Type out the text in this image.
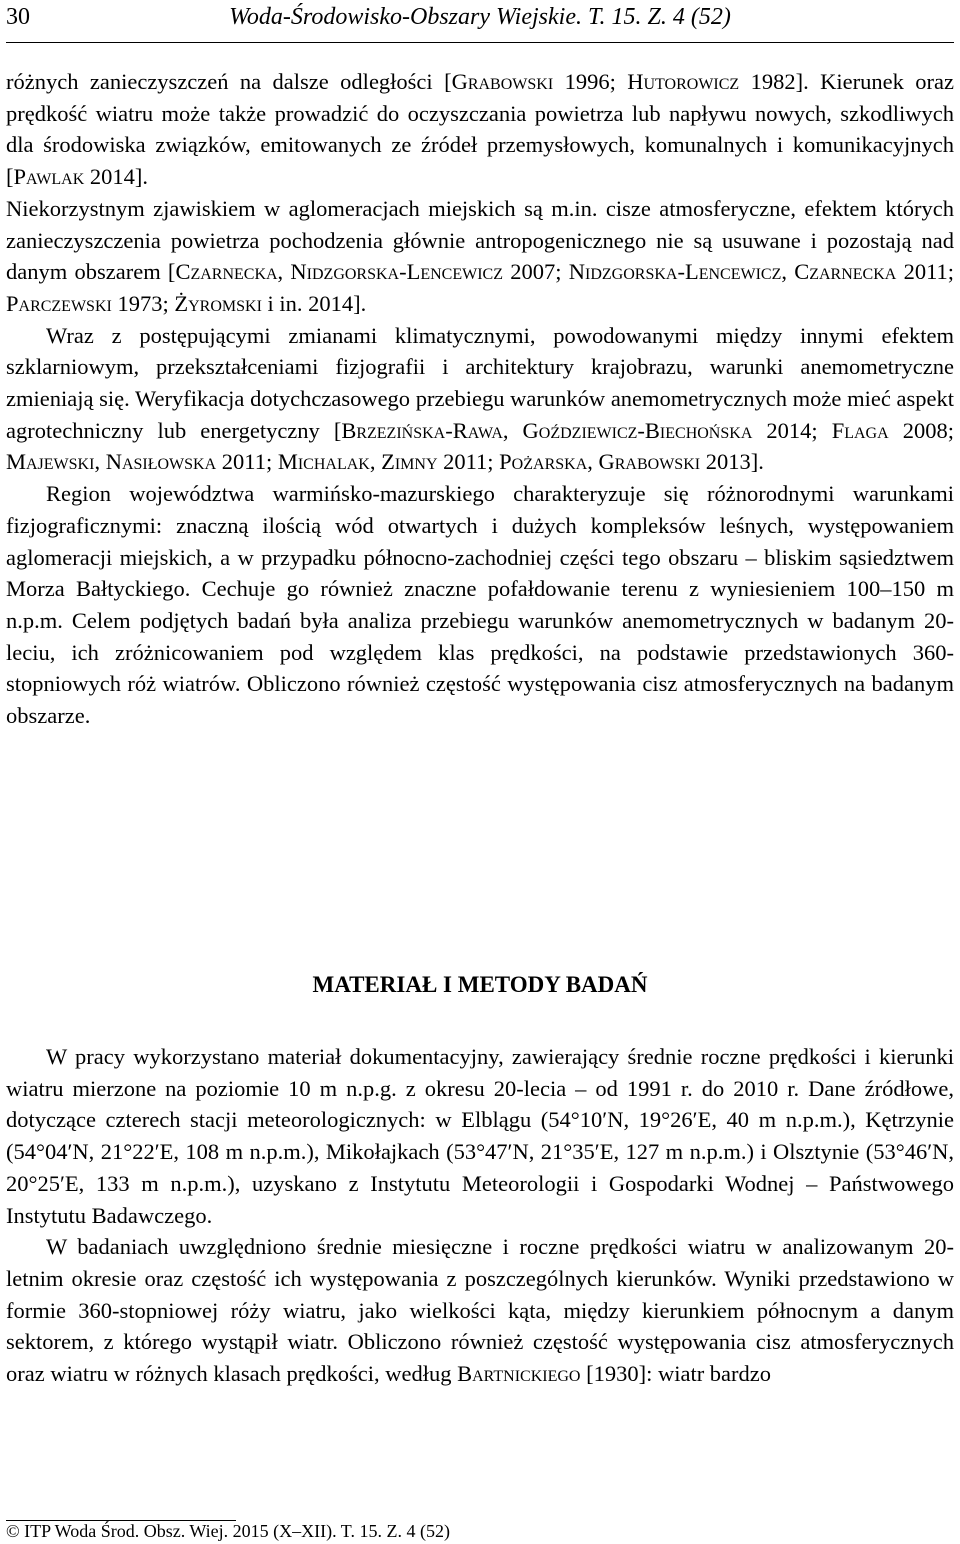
30	Woda-Środowisko-Obszary Wiejskie. T. 15. Z. 4 (52)

różnych zanieczyszczeń na dalsze odległości [Grabowski 1996; Hutorowicz 1982]. Kierunek oraz prędkość wiatru może także prowadzić do oczyszczania powietrza lub napływu nowych, szkodliwych dla środowiska związków, emitowanych ze źródeł przemysłowych, komunalnych i komunikacyjnych [Pawlak 2014].

Niekorzystnym zjawiskiem w aglomeracjach miejskich są m.in. cisze atmosferyczne, efektem których zanieczyszczenia powietrza pochodzenia głównie antropogenicznego nie są usuwane i pozostają nad danym obszarem [Czarnecka, Nidzgorska-Lencewicz 2007; Nidzgorska-Lencewicz, Czarnecka 2011; Parczewski 1973; Żyromski i in. 2014].

Wraz z postępującymi zmianami klimatycznymi, powodowanymi między innymi efektem szklarniowym, przekształceniami fizjografii i architektury krajobrazu, warunki anemometryczne zmieniają się. Weryfikacja dotychczasowego przebiegu warunków anemometrycznych może mieć aspekt agrotechniczny lub energetyczny [Brzezińska-Rawa, Goździewicz-Biechońska 2014; Flaga 2008; Majewski, Nasiłowska 2011; Michalak, Zimny 2011; Pożarska, Grabowski 2013].

Region województwa warmińsko-mazurskiego charakteryzuje się różnorodnymi warunkami fizjograficznymi: znaczną ilością wód otwartych i dużych kompleksów leśnych, występowaniem aglomeracji miejskich, a w przypadku północno-zachodniej części tego obszaru – bliskim sąsiedztwem Morza Bałtyckiego. Cechuje go również znaczne pofałdowanie terenu z wyniesieniem 100–150 m n.p.m. Celem podjętych badań była analiza przebiegu warunków anemometrycznych w badanym 20-leciu, ich zróżnicowaniem pod względem klas prędkości, na podstawie przedstawionych 360-stopniowych róż wiatrów. Obliczono również częstość występowania cisz atmosferycznych na badanym obszarze.

MATERIAŁ I METODY BADAŃ

W pracy wykorzystano materiał dokumentacyjny, zawierający średnie roczne prędkości i kierunki wiatru mierzone na poziomie 10 m n.p.g. z okresu 20-lecia – od 1991 r. do 2010 r. Dane źródłowe, dotyczące czterech stacji meteorologicznych: w Elblągu (54°10′N, 19°26′E, 40 m n.p.m.), Kętrzynie (54°04′N, 21°22′E, 108 m n.p.m.), Mikołajkach (53°47′N, 21°35′E, 127 m n.p.m.) i Olsztynie (53°46′N, 20°25′E, 133 m n.p.m.), uzyskano z Instytutu Meteorologii i Gospodarki Wodnej – Państwowego Instytutu Badawczego.

W badaniach uwzględniono średnie miesięczne i roczne prędkości wiatru w analizowanym 20-letnim okresie oraz częstość ich występowania z poszczególnych kierunków. Wyniki przedstawiono w formie 360-stopniowej róży wiatru, jako wielkości kąta, między kierunkiem północnym a danym sektorem, z którego wystąpił wiatr. Obliczono również częstość występowania cisz atmosferycznych oraz wiatru w różnych klasach prędkości, według Bartnickiego [1930]: wiatr bardzo

© ITP Woda Środ. Obsz. Wiej. 2015 (X–XII). T. 15. Z. 4 (52)
